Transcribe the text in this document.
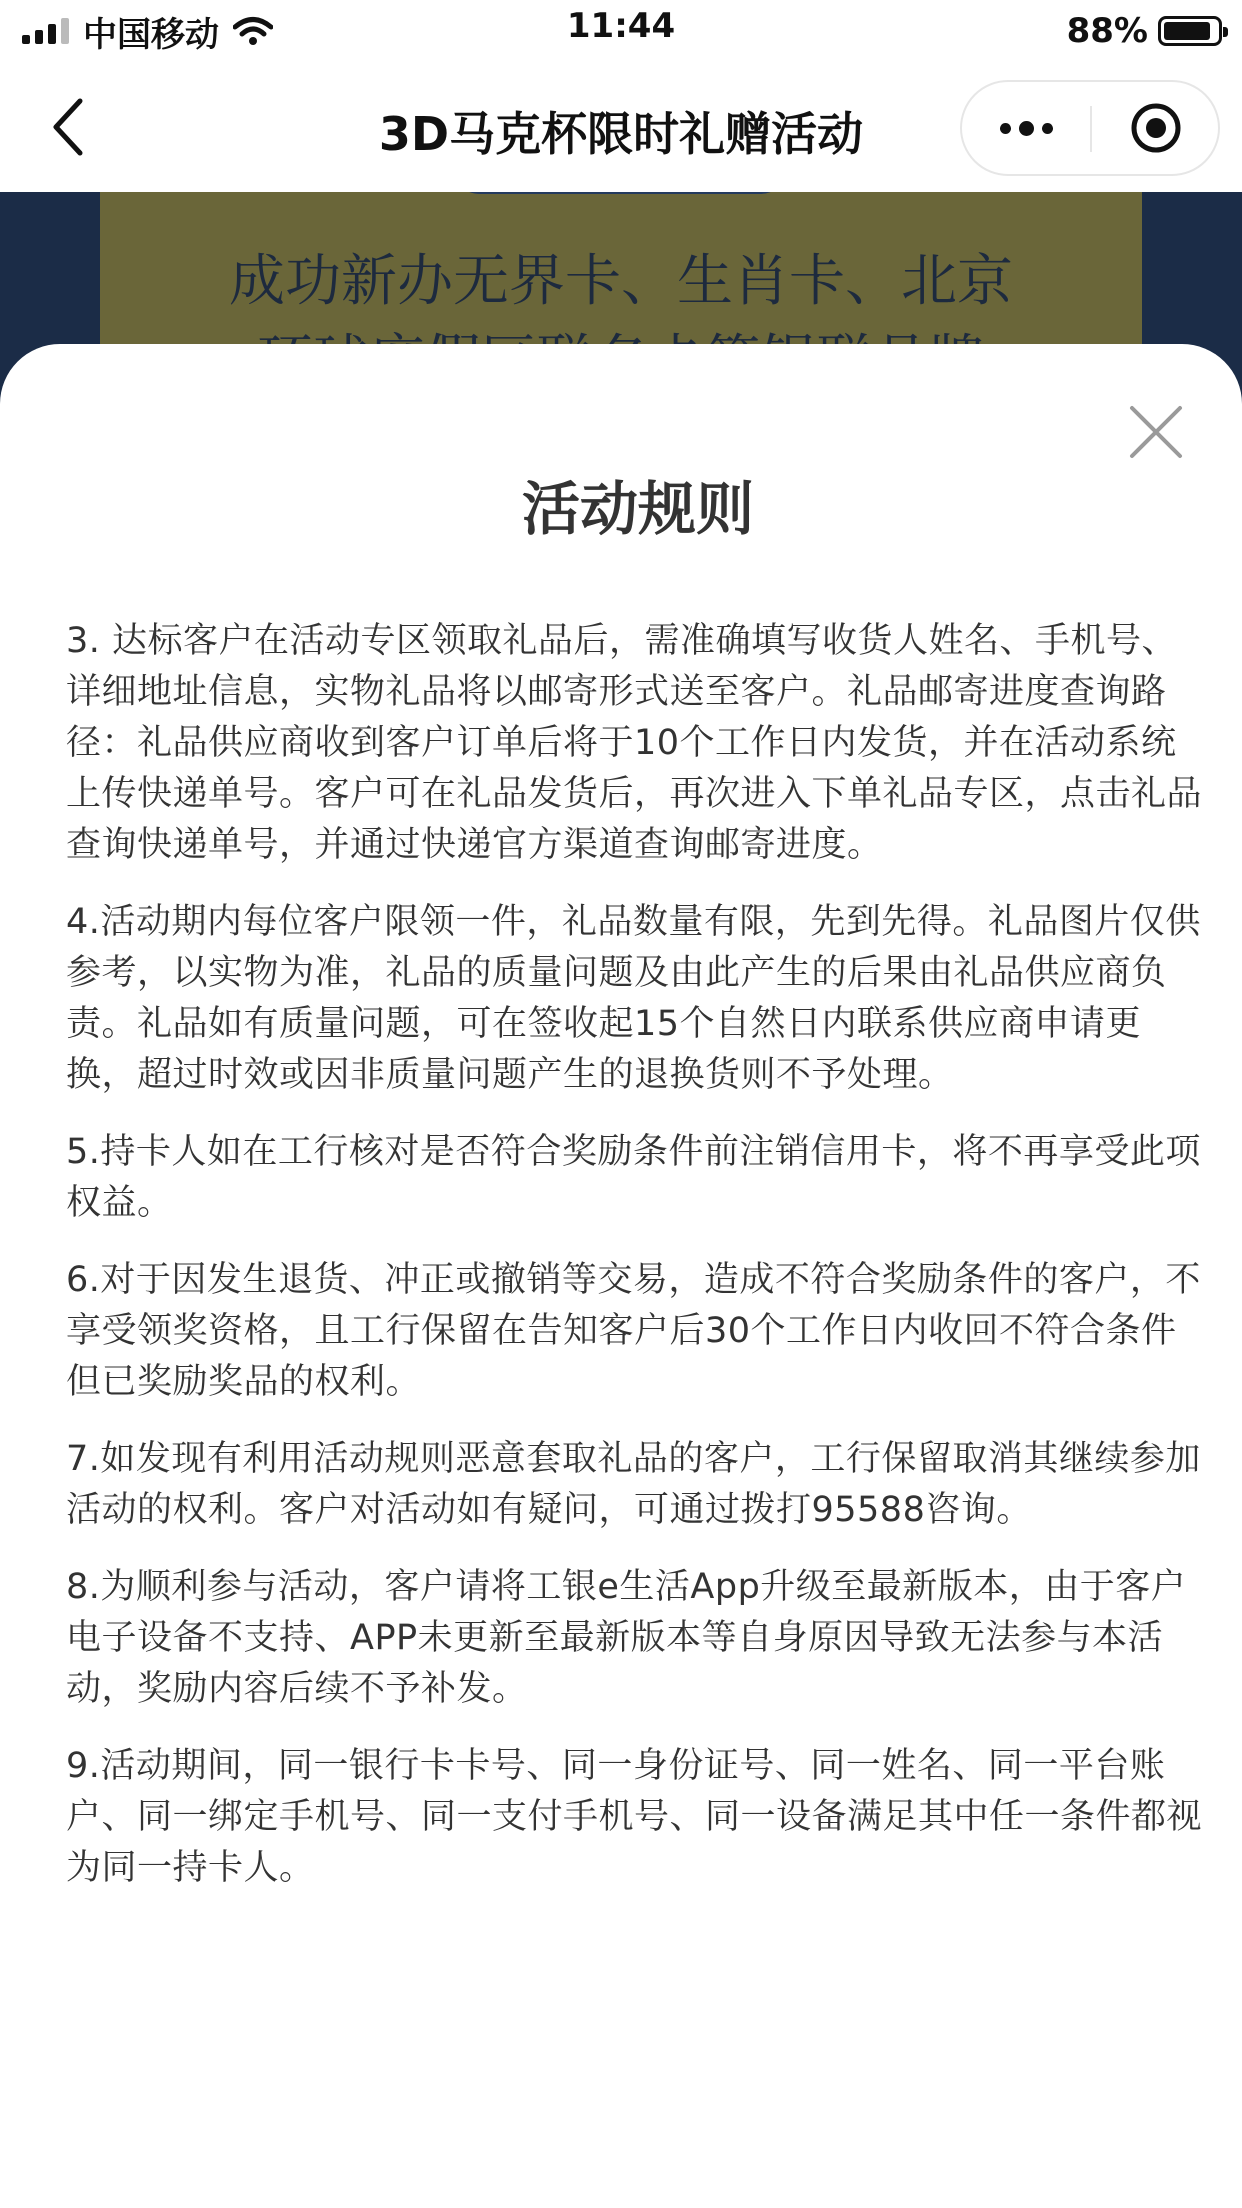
中国移动	11:44	88%
3D马克杯限时礼赠活动
成功新办无界卡、生肖卡、北京
活动规则

3. 达标客户在活动专区领取礼品后，需准确填写收货人姓名、手机号、详细地址信息，实物礼品将以邮寄形式送至客户。礼品邮寄进度查询路径：礼品供应商收到客户订单后将于10个工作日内发货，并在活动系统上传快递单号。客户可在礼品发货后，再次进入下单礼品专区，点击礼品查询快递单号，并通过快递官方渠道查询邮寄进度。

4.活动期内每位客户限领一件，礼品数量有限，先到先得。礼品图片仅供参考，以实物为准，礼品的质量问题及由此产生的后果由礼品供应商负责。礼品如有质量问题，可在签收起15个自然日内联系供应商申请更换，超过时效或因非质量问题产生的退换货则不予处理。

5.持卡人如在工行核对是否符合奖励条件前注销信用卡，将不再享受此项权益。

6.对于因发生退货、冲正或撤销等交易，造成不符合奖励条件的客户，不享受领奖资格，且工行保留在告知客户后30个工作日内收回不符合条件但已奖励奖品的权利。

7.如发现有利用活动规则恶意套取礼品的客户，工行保留取消其继续参加活动的权利。客户对活动如有疑问，可通过拨打95588咨询。

8.为顺利参与活动，客户请将工银e生活App升级至最新版本，由于客户电子设备不支持、APP未更新至最新版本等自身原因导致无法参与本活动，奖励内容后续不予补发。

9.活动期间，同一银行卡卡号、同一身份证号、同一姓名、同一平台账户、同一绑定手机号、同一支付手机号、同一设备满足其中任一条件都视为同一持卡人。
